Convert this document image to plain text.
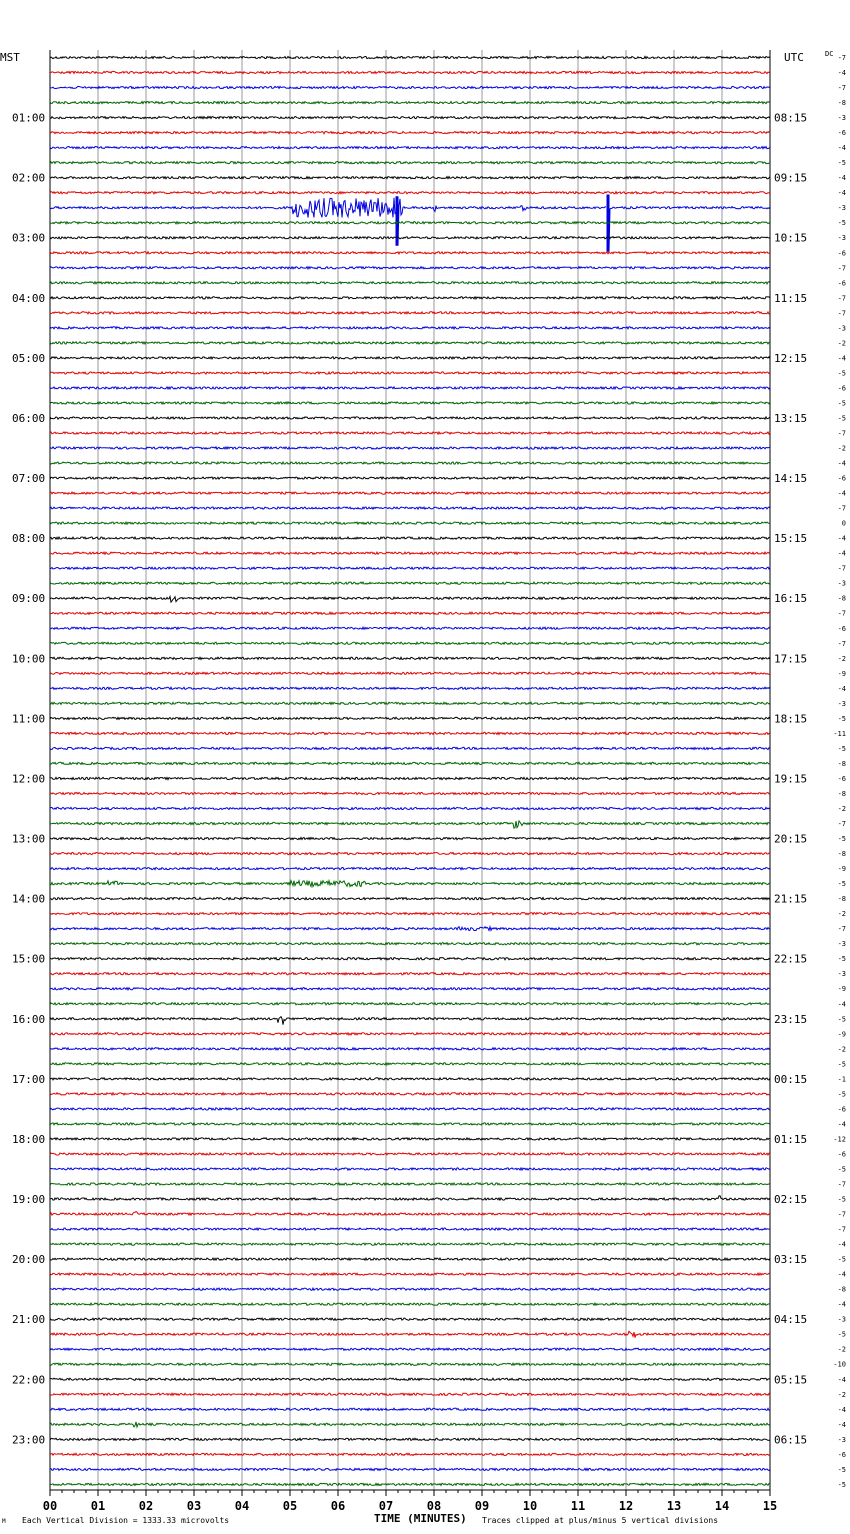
MST	UTC	DC
01:00
02:00
03:00
04:00
05:00
06:00
07:00
08:00
09:00
10:00
11:00
12:00
13:00
14:00
15:00
16:00
17:00
18:00
19:00
20:00
21:00
22:00
23:00
08:15
09:15
10:15
11:15
12:15
13:15
14:15
15:15
16:15
17:15
18:15
19:15
20:15
21:15
22:15
23:15
00:15
01:15
02:15
03:15
04:15
05:15
06:15
-7
-4
-7
-8
-3
-6
-4
-5
-4
-4
-3
-5
-3
-6
-7
-6
-7
-7
-3
-2
-4
-5
-6
-5
-5
-7
-2
-4
-6
-4
-7
0
-4
-4
-7
-3
-8
-7
-6
-7
-2
-9
-4
-3
-5
-11
-5
-8
-6
-8
-2
-7
-5
-8
-9
-5
-8
-2
-7
-3
-5
-3
-9
-4
-5
-9
-2
-5
-1
-5
-6
-4
-12
-6
-5
-7
-5
-7
-7
-4
-5
-4
-8
-4
-3
-5
-2
-10
-4
-2
-4
-4
-3
-6
-5
-5
00	01	02	03	04	05	06	07	08	09	10	11	12	13	14	15
Each Vertical Division = 1333.33 microvolts
M	TIME (MINUTES) Traces clipped at plus/minus 5 vertical divisions
